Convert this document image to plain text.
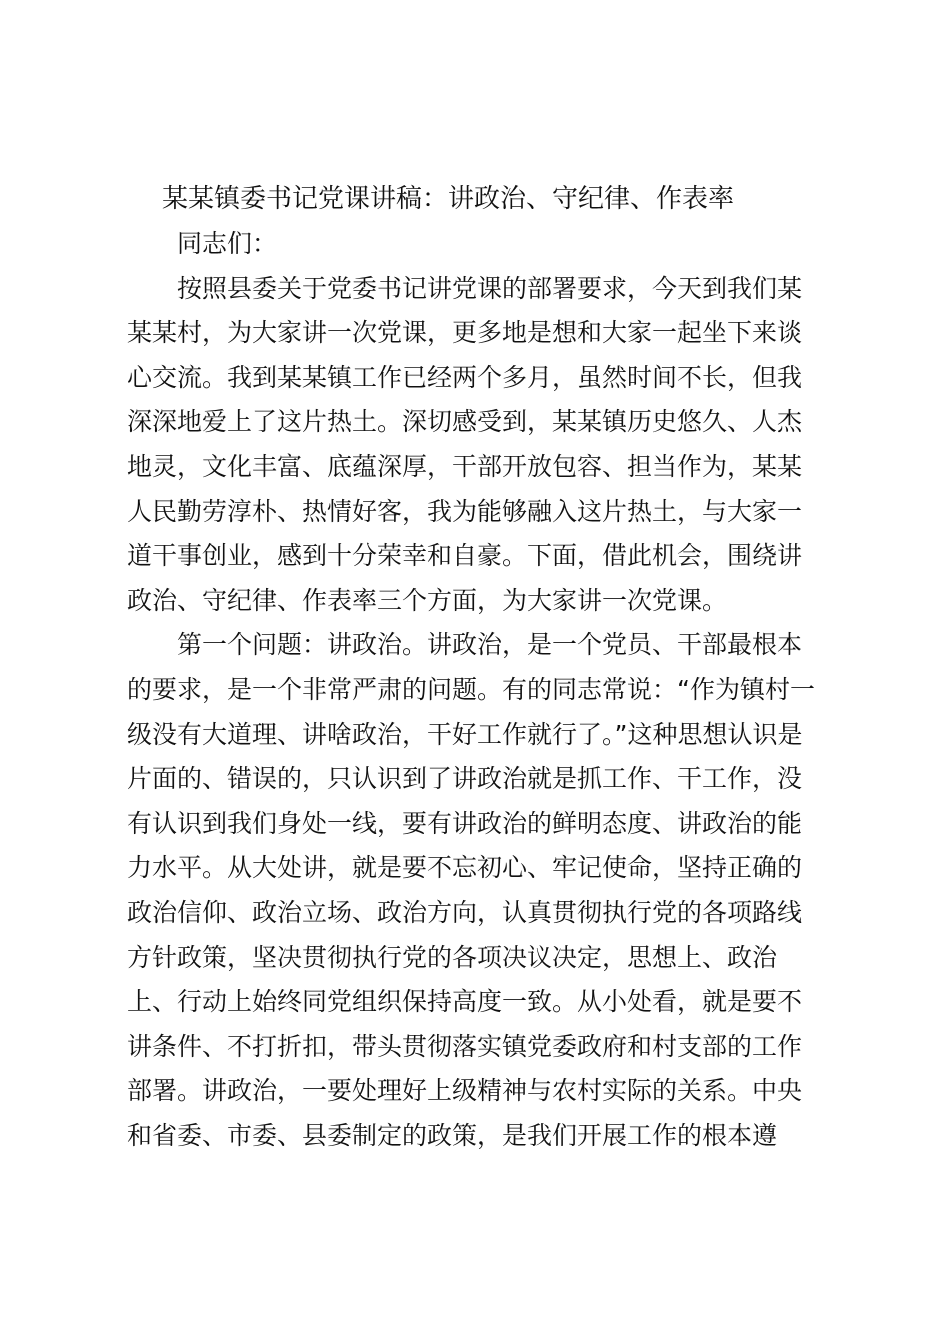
某某镇委书记党课讲稿：讲政治、守纪律、作表率
同志们：
按照县委关于党委书记讲党课的部署要求，今天到我们某
某某村，为大家讲一次党课，更多地是想和大家一起坐下来谈
心交流。我到某某镇工作已经两个多月，虽然时间不长，但我
深深地爱上了这片热土。深切感受到，某某镇历史悠久、人杰
地灵，文化丰富、底蕴深厚，干部开放包容、担当作为，某某
人民勤劳淳朴、热情好客，我为能够融入这片热土，与大家一
道干事创业，感到十分荣幸和自豪。下面，借此机会，围绕讲
政治、守纪律、作表率三个方面，为大家讲一次党课。
第一个问题：讲政治。讲政治，是一个党员、干部最根本
的要求，是一个非常严肃的问题。有的同志常说：“作为镇村一
级没有大道理、讲啥政治，干好工作就行了。”这种思想认识是
片面的、错误的，只认识到了讲政治就是抓工作、干工作，没
有认识到我们身处一线，要有讲政治的鲜明态度、讲政治的能
力水平。从大处讲，就是要不忘初心、牢记使命，坚持正确的
政治信仰、政治立场、政治方向，认真贯彻执行党的各项路线
方针政策，坚决贯彻执行党的各项决议决定，思想上、政治
上、行动上始终同党组织保持高度一致。从小处看，就是要不
讲条件、不打折扣，带头贯彻落实镇党委政府和村支部的工作
部署。讲政治，一要处理好上级精神与农村实际的关系。中央
和省委、市委、县委制定的政策，是我们开展工作的根本遵
